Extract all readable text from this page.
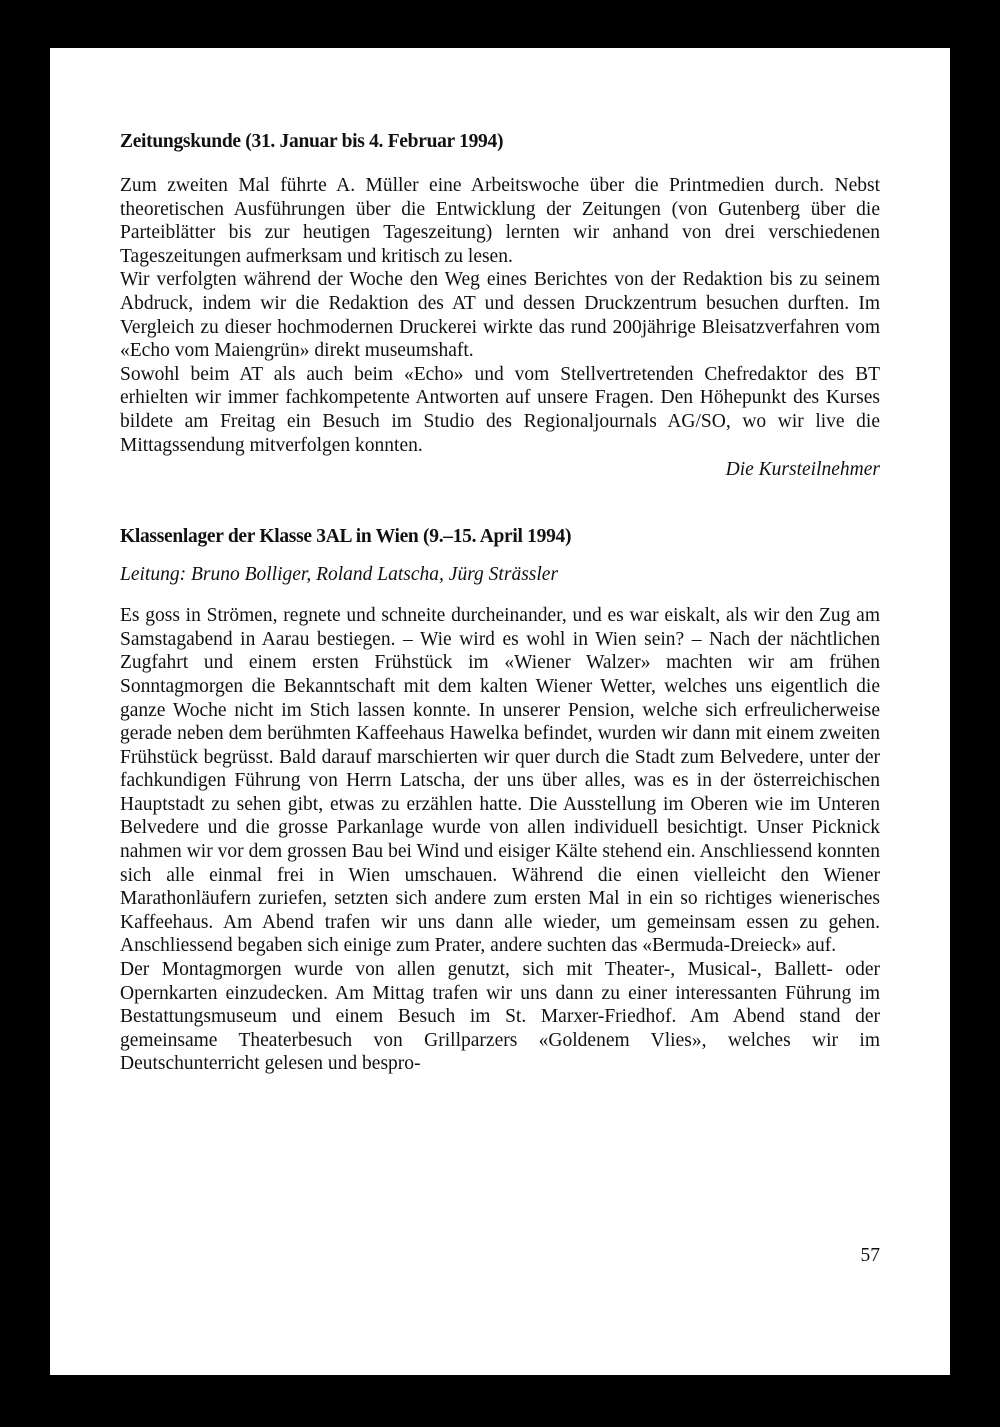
Zeitungskunde (31. Januar bis 4. Februar 1994)

Zum zweiten Mal führte A. Müller eine Arbeitswoche über die Printmedien durch. Nebst theoretischen Ausführungen über die Entwicklung der Zeitungen (von Gutenberg über die Parteiblätter bis zur heutigen Tageszeitung) lernten wir anhand von drei verschiedenen Tageszeitungen aufmerksam und kritisch zu lesen.

Wir verfolgten während der Woche den Weg eines Berichtes von der Redaktion bis zu seinem Abdruck, indem wir die Redaktion des AT und dessen Druckzentrum besuchen durften. Im Vergleich zu dieser hochmodernen Druckerei wirkte das rund 200jährige Bleisatzverfahren vom «Echo vom Maiengrün» direkt museumshaft.

Sowohl beim AT als auch beim «Echo» und vom Stellvertretenden Chefredaktor des BT erhielten wir immer fachkompetente Antworten auf unsere Fragen. Den Höhepunkt des Kurses bildete am Freitag ein Besuch im Studio des Regionaljournals AG/SO, wo wir live die Mittagssendung mitverfolgen konnten.

Die Kursteilnehmer

Klassenlager der Klasse 3AL in Wien (9.–15. April 1994)

Leitung: Bruno Bolliger, Roland Latscha, Jürg Strässler

Es goss in Strömen, regnete und schneite durcheinander, und es war eiskalt, als wir den Zug am Samstagabend in Aarau bestiegen. – Wie wird es wohl in Wien sein? – Nach der nächtlichen Zugfahrt und einem ersten Frühstück im «Wiener Walzer» machten wir am frühen Sonntagmorgen die Bekanntschaft mit dem kalten Wiener Wetter, welches uns eigentlich die ganze Woche nicht im Stich lassen konnte. In unserer Pension, welche sich erfreulicherweise gerade neben dem berühmten Kaffeehaus Hawelka befindet, wurden wir dann mit einem zweiten Frühstück begrüsst. Bald darauf marschierten wir quer durch die Stadt zum Belvedere, unter der fachkundigen Führung von Herrn Latscha, der uns über alles, was es in der österreichischen Hauptstadt zu sehen gibt, etwas zu erzählen hatte. Die Ausstellung im Oberen wie im Unteren Belvedere und die grosse Parkanlage wurde von allen individuell besichtigt. Unser Picknick nahmen wir vor dem grossen Bau bei Wind und eisiger Kälte stehend ein. Anschliessend konnten sich alle einmal frei in Wien umschauen. Während die einen vielleicht den Wiener Marathonläufern zuriefen, setzten sich andere zum ersten Mal in ein so richtiges wienerisches Kaffeehaus. Am Abend trafen wir uns dann alle wieder, um gemeinsam essen zu gehen. Anschliessend begaben sich einige zum Prater, andere suchten das «Bermuda-Dreieck» auf.

Der Montagmorgen wurde von allen genutzt, sich mit Theater-, Musical-, Ballett- oder Opernkarten einzudecken. Am Mittag trafen wir uns dann zu einer interessanten Führung im Bestattungsmuseum und einem Besuch im St. Marxer-Friedhof. Am Abend stand der gemeinsame Theaterbesuch von Grillparzers «Goldenem Vlies», welches wir im Deutschunterricht gelesen und bespro-

57
